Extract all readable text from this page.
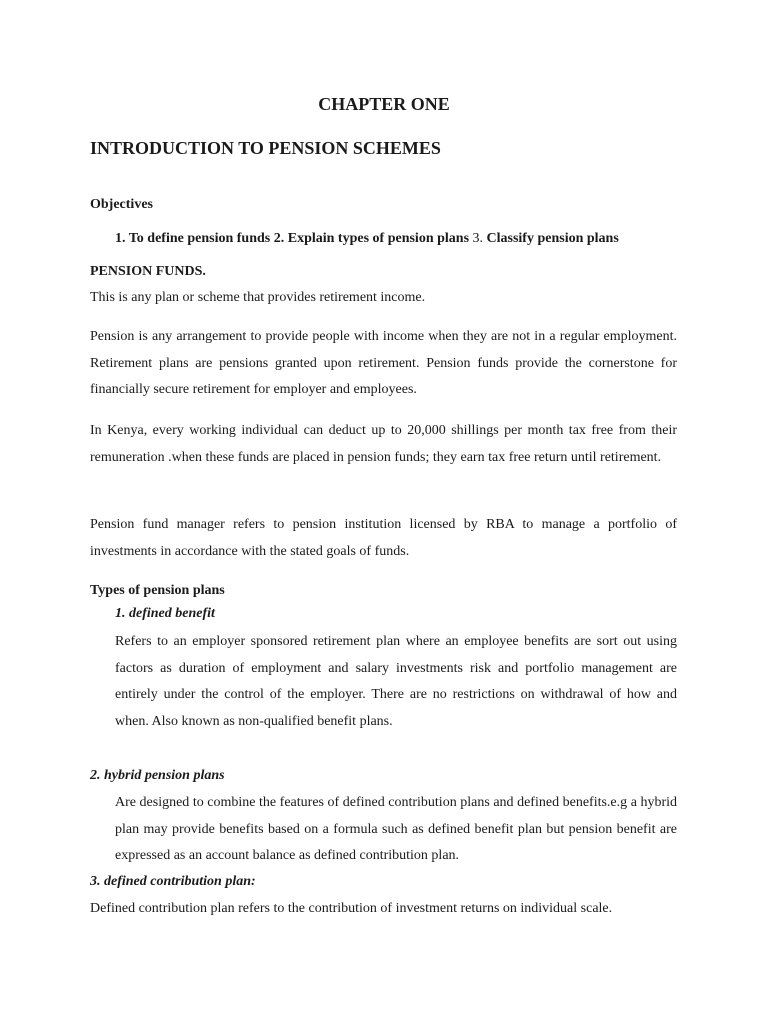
CHAPTER ONE
INTRODUCTION TO PENSION SCHEMES
Objectives
1. To define pension funds 2. Explain types of pension plans 3. Classify pension plans
PENSION FUNDS.
This is any plan or scheme that provides retirement income.
Pension is any arrangement to provide people with income when they are not in a regular employment. Retirement plans are pensions granted upon retirement. Pension funds provide the cornerstone for financially secure retirement for employer and employees.
In Kenya, every working individual can deduct up to 20,000 shillings per month tax free from their remuneration .when these funds are placed in pension funds; they earn tax free return until retirement.
Pension fund manager refers to pension institution licensed by RBA to manage a portfolio of investments in accordance with the stated goals of funds.
Types of pension plans
1. defined benefit
Refers to an employer sponsored retirement plan where an employee benefits are sort out using factors as duration of employment and salary investments risk and portfolio management are entirely under the control of the employer. There are no restrictions on withdrawal of how and when. Also known as non-qualified benefit plans.
2. hybrid pension plans
Are designed to combine the features of defined contribution plans and defined benefits.e.g a hybrid plan may provide benefits based on a formula such as defined benefit plan but pension benefit are expressed as an account balance as defined contribution plan.
3. defined contribution plan:
Defined contribution plan refers to the contribution of investment returns on individual scale.
